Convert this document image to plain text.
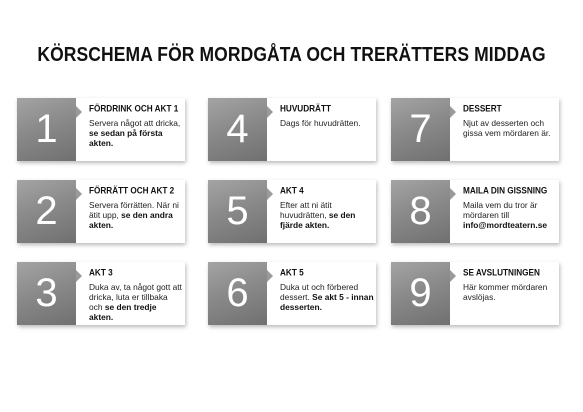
KÖRSCHEMA FÖR MORDGÅTA OCH TRERÄTTERS MIDDAG
1	FÖRDRINK OCH AKT 1
Servera något att dricka, se sedan på första akten.	4	HUVUDRÄTT
Dags för huvudrätten.	7	DESSERT
Njut av desserten och gissa vem mördaren är.
2	FÖRRÄTT OCH AKT 2
Servera förrätten. När ni ätit upp, se den andra akten.	5	AKT 4
Efter att ni ätit huvudrätten, se den fjärde akten.	8	MAILA DIN GISSNING
Maila vem du tror är mördaren till info@mordteatern.se
3	AKT 3
Duka av, ta något gott att dricka, luta er tillbaka och se den tredje akten.
6	AKT 5
Duka ut och förbered dessert. Se akt 5 - innan desserten.	9	SE AVSLUTNINGEN
Här kommer mördaren avslöjas.
